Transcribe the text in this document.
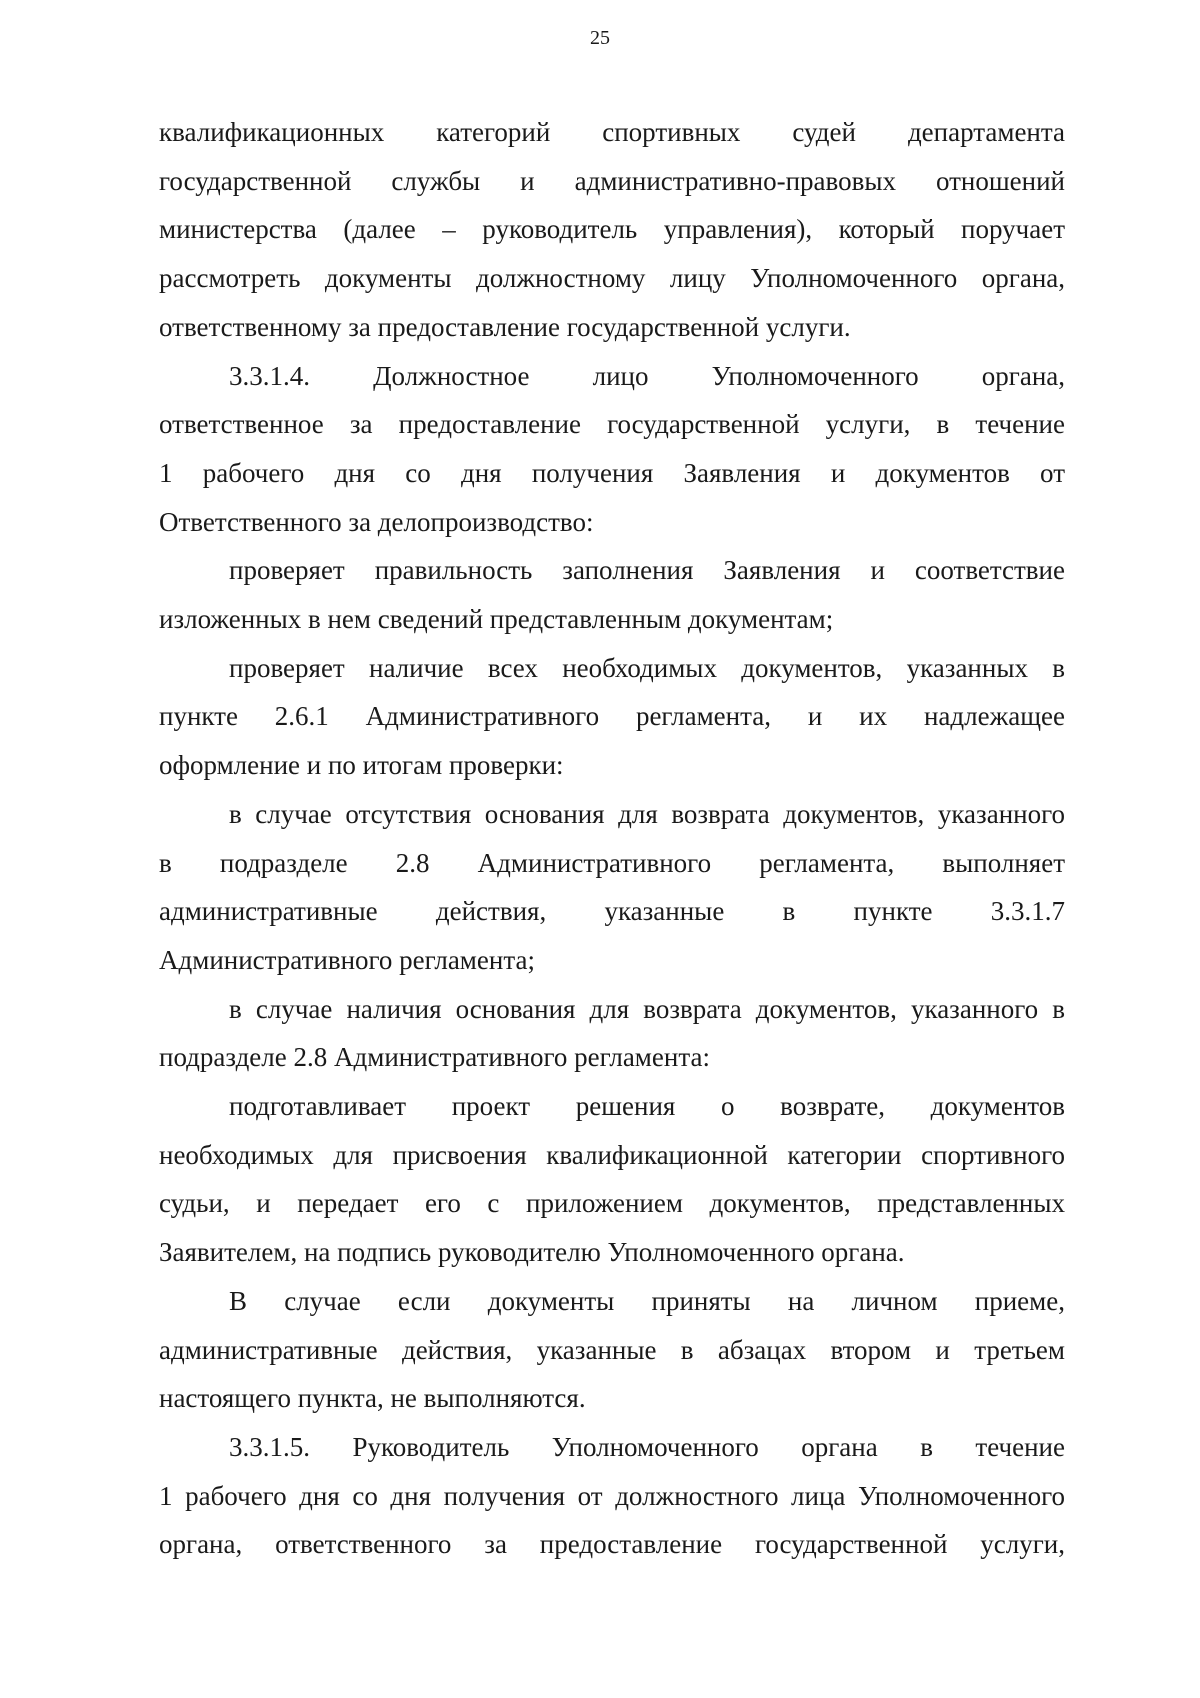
25

квалификационных категорий спортивных судей департамента
государственной службы и административно-правовых отношений
министерства (далее – руководитель управления), который поручает
рассмотреть документы должностному лицу Уполномоченного органа,
ответственному за предоставление государственной услуги.

3.3.1.4. Должностное лицо Уполномоченного органа,
ответственное за предоставление государственной услуги, в течение
1 рабочего дня со дня получения Заявления и документов от
Ответственного за делопроизводство:

проверяет правильность заполнения Заявления и соответствие
изложенных в нем сведений представленным документам;

проверяет наличие всех необходимых документов, указанных в
пункте 2.6.1 Административного регламента, и их надлежащее
оформление и по итогам проверки:

в случае отсутствия основания для возврата документов, указанного
в подразделе 2.8 Административного регламента, выполняет
административные действия, указанные в пункте 3.3.1.7
Административного регламента;

в случае наличия основания для возврата документов, указанного в
подразделе 2.8 Административного регламента:

подготавливает проект решения о возврате, документов
необходимых для присвоения квалификационной категории спортивного
судьи, и передает его с приложением документов, представленных
Заявителем, на подпись руководителю Уполномоченного органа.

В случае если документы приняты на личном приеме,
административные действия, указанные в абзацах втором и третьем
настоящего пункта, не выполняются.

3.3.1.5. Руководитель Уполномоченного органа в течение
1 рабочего дня со дня получения от должностного лица Уполномоченного
органа, ответственного за предоставление государственной услуги,
